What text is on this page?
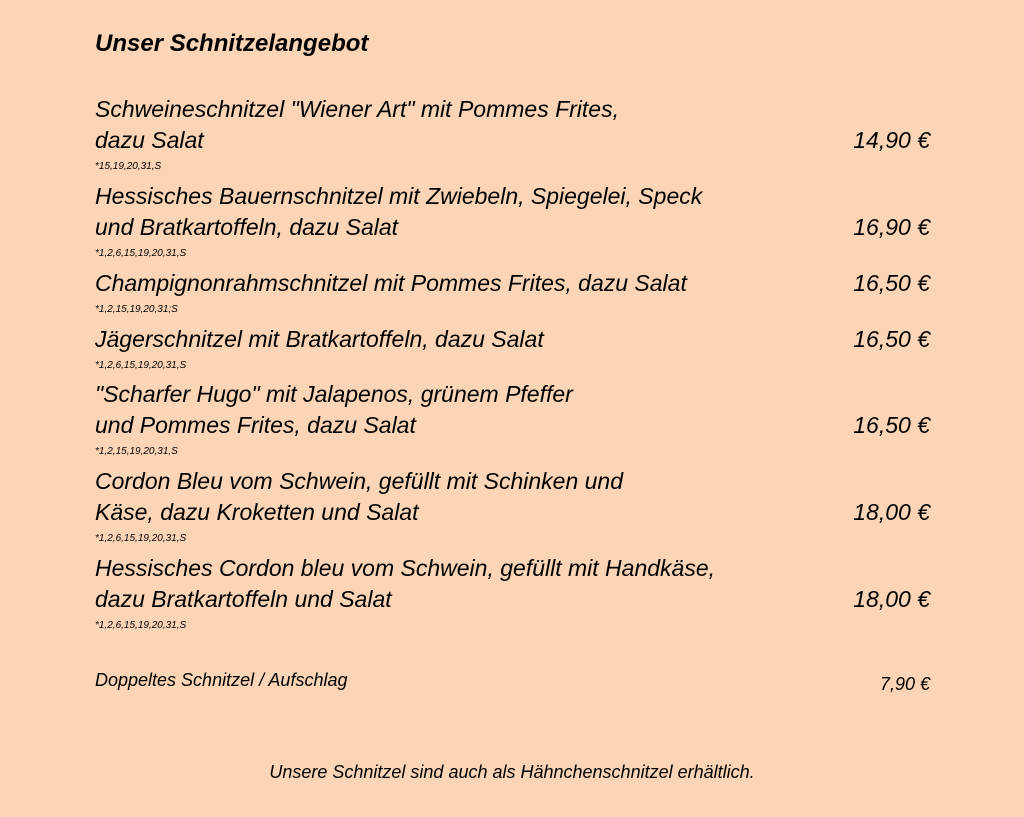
Unser Schnitzelangebot
Schweineschnitzel "Wiener Art" mit Pommes Frites,
dazu Salat	14,90 €
*15,19,20,31,S
Hessisches Bauernschnitzel mit Zwiebeln, Spiegelei, Speck
und Bratkartoffeln, dazu Salat	16,90 €
*1,2,6,15,19,20,31,S
Champignonrahmschnitzel mit Pommes Frites, dazu Salat	16,50 €
*1,2,15,19,20,31;S
Jägerschnitzel mit Bratkartoffeln, dazu Salat	16,50 €
*1,2,6,15,19,20,31,S
"Scharfer Hugo" mit Jalapenos, grünem Pfeffer
und Pommes Frites, dazu Salat	16,50 €
*1,2,15,19,20,31,S
Cordon Bleu vom Schwein, gefüllt mit Schinken und
Käse, dazu Kroketten und Salat	18,00 €
*1,2,6,15,19,20,31,S
Hessisches Cordon bleu vom Schwein, gefüllt mit Handkäse,
dazu Bratkartoffeln und Salat	18,00 €
*1,2,6,15,19,20,31,S
Doppeltes Schnitzel / Aufschlag	7,90 €
Unsere Schnitzel sind auch als Hähnchenschnitzel erhältlich.
